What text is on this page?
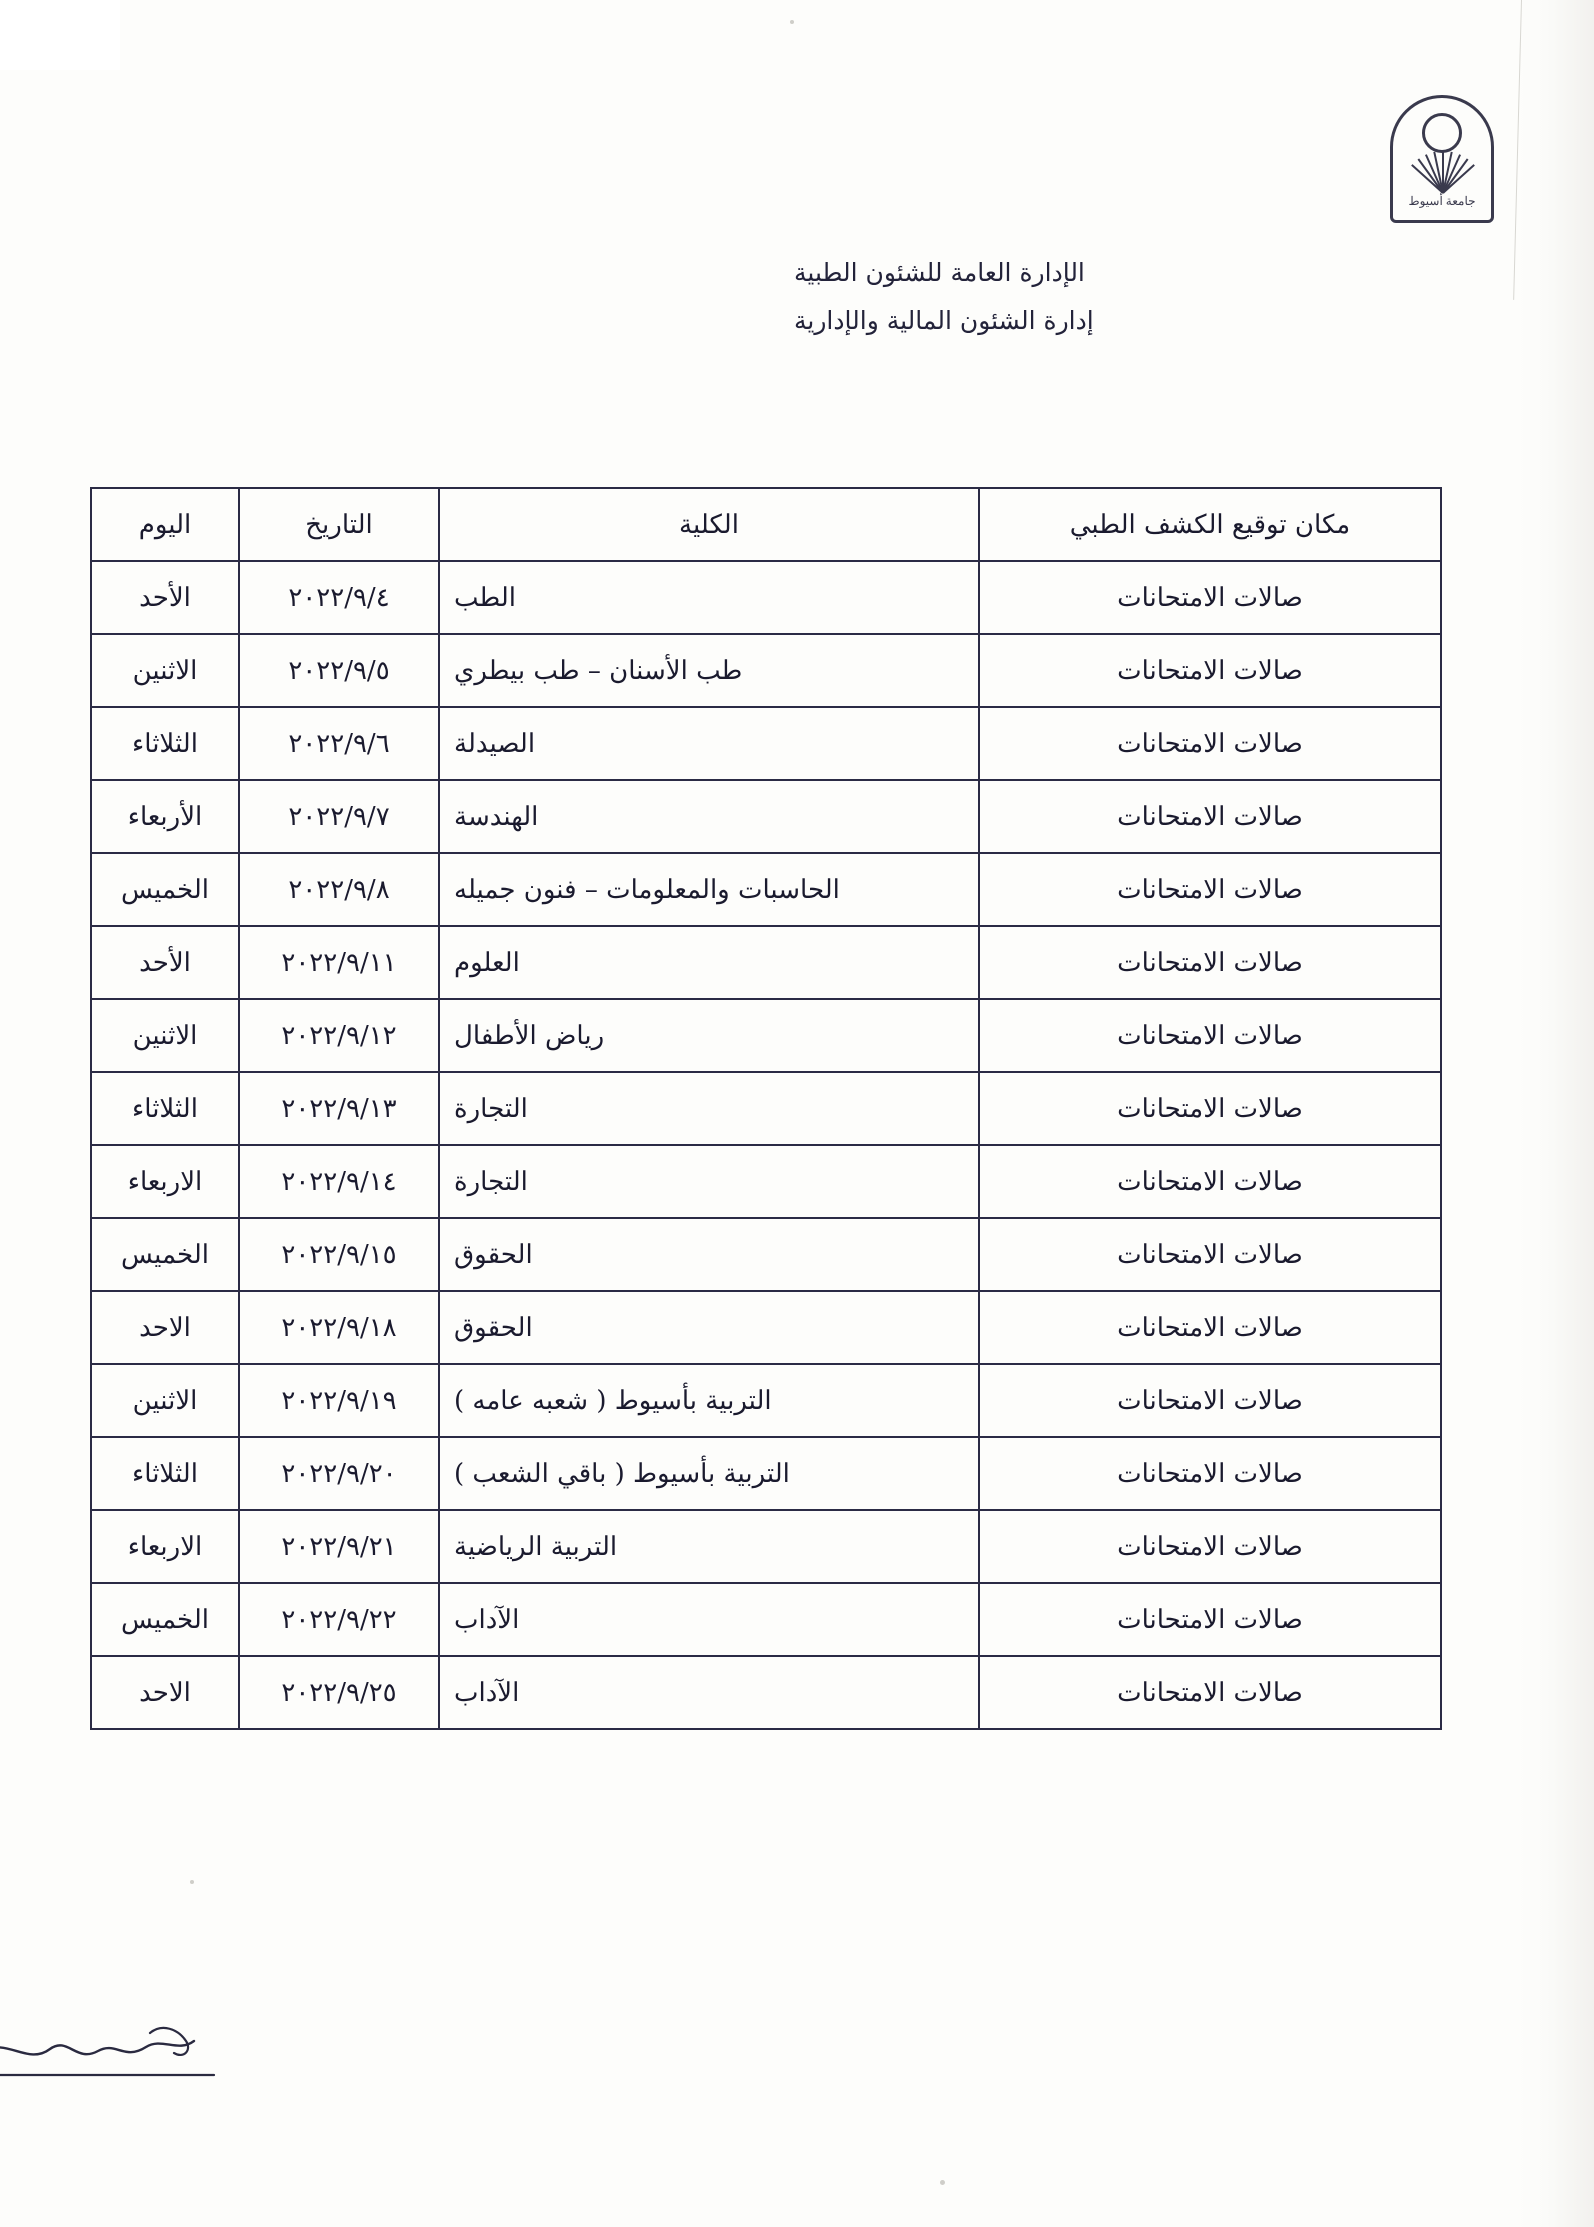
جامعة أسيوط
الإدارة العامة للشئون الطبية
إدارة الشئون المالية والإدارية
مكان توقيع الكشف الطبي	الكلية	التاريخ	اليوم
صالات الامتحانات	الطب	٢٠٢٢/٩/٤	الأحد
صالات الامتحانات	طب الأسنان – طب بيطري	٢٠٢٢/٩/٥	الاثنين
صالات الامتحانات	الصيدلة	٢٠٢٢/٩/٦	الثلاثاء
صالات الامتحانات	الهندسة	٢٠٢٢/٩/٧	الأربعاء
صالات الامتحانات	الحاسبات والمعلومات – فنون جميله	٢٠٢٢/٩/٨	الخميس
صالات الامتحانات	العلوم	٢٠٢٢/٩/١١	الأحد
صالات الامتحانات	رياض الأطفال	٢٠٢٢/٩/١٢	الاثنين
صالات الامتحانات	التجارة	٢٠٢٢/٩/١٣	الثلاثاء
صالات الامتحانات	التجارة	٢٠٢٢/٩/١٤	الاربعاء
صالات الامتحانات	الحقوق	٢٠٢٢/٩/١٥	الخميس
صالات الامتحانات	الحقوق	٢٠٢٢/٩/١٨	الاحد
صالات الامتحانات	التربية بأسيوط ( شعبه عامه )	٢٠٢٢/٩/١٩	الاثنين
صالات الامتحانات	التربية بأسيوط ( باقي الشعب )	٢٠٢٢/٩/٢٠	الثلاثاء
صالات الامتحانات	التربية الرياضية	٢٠٢٢/٩/٢١	الاربعاء
صالات الامتحانات	الآداب	٢٠٢٢/٩/٢٢	الخميس
صالات الامتحانات	الآداب	٢٠٢٢/٩/٢٥	الاحد
